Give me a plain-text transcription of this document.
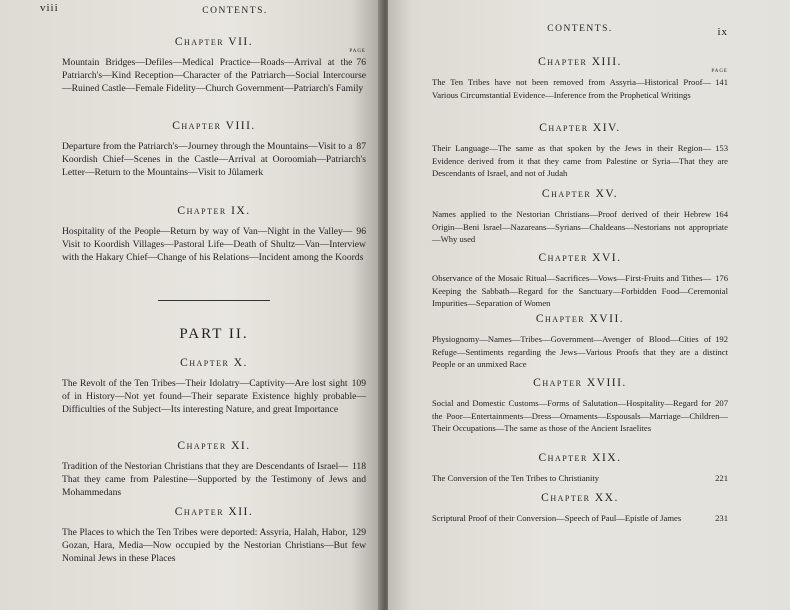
viii	CONTENTS.

Chapter VII.

PAGE

76
Mountain Bridges—Defiles—Medical Practice—Roads—Arrival at the Patriarch's—Kind Reception—Character of the Patriarch—Social Intercourse—Ruined Castle—Female Fidelity—Church Government—Patriarch's Family

Chapter VIII.

87
Departure from the Patriarch's—Journey through the Mountains—Visit to a Koordish Chief—Scenes in the Castle—Arrival at Ooroomiah—Patriarch's Letter—Return to the Mountains—Visit to Jûlamerk

Chapter IX.

96
Hospitality of the People—Return by way of Van—Night in the Valley—Visit to Koordish Villages—Pastoral Life—Death of Shultz—Van—Interview with the Hakary Chief—Change of his Relations—Incident among the Koords

PART II.

Chapter X.

109
The Revolt of the Ten Tribes—Their Idolatry—Captivity—Are lost sight of in History—Not yet found—Their separate Existence highly probable—Difficulties of the Subject—Its interesting Nature, and great Importance

Chapter XI.

118
Tradition of the Nestorian Christians that they are Descendants of Israel—That they came from Palestine—Supported by the Testimony of Jews and Mohammedans

Chapter XII.

129
The Places to which the Ten Tribes were deported: Assyria, Halah, Habor, Gozan, Hara, Media—Now occupied by the Nestorian Christians—But few Nominal Jews in these Places

CONTENTS.	ix

Chapter XIII.

PAGE

141
The Ten Tribes have not been removed from Assyria—Historical Proof—Various Circumstantial Evidence—Inference from the Prophetical Writings

Chapter XIV.

153
Their Language—The same as that spoken by the Jews in their Region—Evidence derived from it that they came from Palestine or Syria—That they are Descendants of Israel, and not of Judah

Chapter XV.

164
Names applied to the Nestorian Christians—Proof derived of their Hebrew Origin—Beni Israel—Nazareans—Syrians—Chaldeans—Nestorians not appropriate—Why used

Chapter XVI.

176
Observance of the Mosaic Ritual—Sacrifices—Vows—First-Fruits and Tithes—Keeping the Sabbath—Regard for the Sanctuary—Forbidden Food—Ceremonial Impurities—Separation of Women

Chapter XVII.

192
Physiognomy—Names—Tribes—Government—Avenger of Blood—Cities of Refuge—Sentiments regarding the Jews—Various Proofs that they are a distinct People or an unmixed Race

Chapter XVIII.

207
Social and Domestic Customs—Forms of Salutation—Hospitality—Regard for the Poor—Entertainments—Dress—Ornaments—Espousals—Marriage—Children—Their Occupations—The same as those of the Ancient Israelites

Chapter XIX.

221
The Conversion of the Ten Tribes to Christianity

Chapter XX.

231
Scriptural Proof of their Conversion—Speech of Paul—Epistle of James
